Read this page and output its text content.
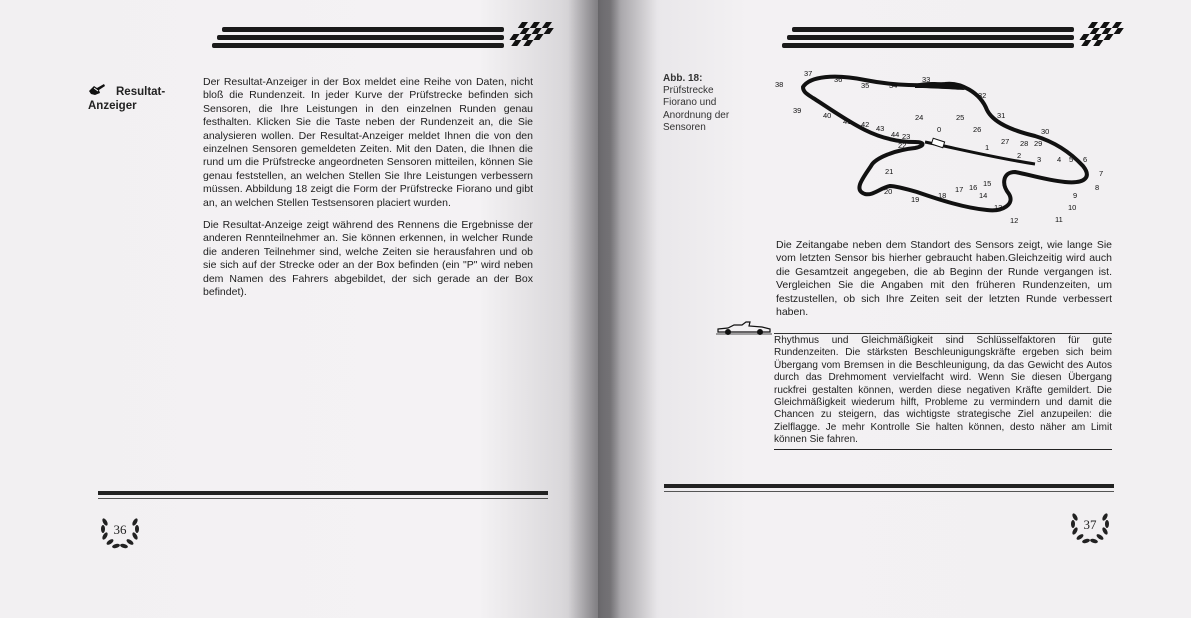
Resultat-
Anzeiger

Der Resultat-Anzeiger in der Box meldet eine Reihe von Daten, nicht bloß die Rundenzeit. In jeder Kurve der Prüfstrecke befinden sich Sensoren, die Ihre Leistungen in den einzelnen Runden genau festhalten. Klicken Sie die Taste neben der Rundenzeit an, die Sie analysieren wollen. Der Resultat-Anzeiger meldet Ihnen die von den einzelnen Sensoren gemeldeten Zeiten. Mit den Daten, die Ihnen die rund um die Prüfstrecke angeordneten Sensoren mitteilen, können Sie genau feststellen, an welchen Stellen Sie Ihre Leistungen verbessern müssen. Abbildung 18 zeigt die Form der Prüfstrecke Fiorano und gibt an, an welchen Stellen Testsensoren placiert wurden.

Die Resultat-Anzeige zeigt während des Rennens die Ergebnisse der anderen Rennteilnehmer an. Sie können erkennen, in welcher Runde die anderen Teilnehmer sind, welche Zeiten sie herausfahren und ob sie sich auf der Strecke oder an der Box befinden (ein "P" wird neben dem Namen des Fahrers abgebildet, der sich gerade an der Box befindet).

36
Abb. 18:
Prüfstrecke Fiorano und Anordnung der Sensoren	0
1
2 3 4 5 6
7
8
9
10
11
12
13
14
15
16
17
18
19
20
21
22
23
24	25
26
27 28 29
30
31
32
33
34
35
36
37
38
39
40
41 42 43
44

Die Zeitangabe neben dem Standort des Sensors zeigt, wie lange Sie vom letzten Sensor bis hierher gebraucht haben.Gleichzeitig wird auch die Gesamtzeit angegeben, die ab Beginn der Runde vergangen ist. Vergleichen Sie die Angaben mit den früheren Rundenzeiten, um festzustellen, ob sich Ihre Zeiten seit der letzten Runde verbessert haben.

Rhythmus und Gleichmäßigkeit sind Schlüsselfaktoren für gute Rundenzeiten. Die stärksten Beschleunigungskräfte ergeben sich beim Übergang vom Bremsen in die Beschleunigung, da das Gewicht des Autos durch das Drehmoment vervielfacht wird. Wenn Sie diesen Übergang ruckfrei gestalten können, werden diese negativen Kräfte gemildert. Die Gleichmäßigkeit wiederum hilft, Probleme zu vermindern und damit die Chancen zu steigern, das wichtigste strategische Ziel anzupeilen: die Zielflagge. Je mehr Kontrolle Sie halten können, desto näher am Limit können Sie fahren.

37
